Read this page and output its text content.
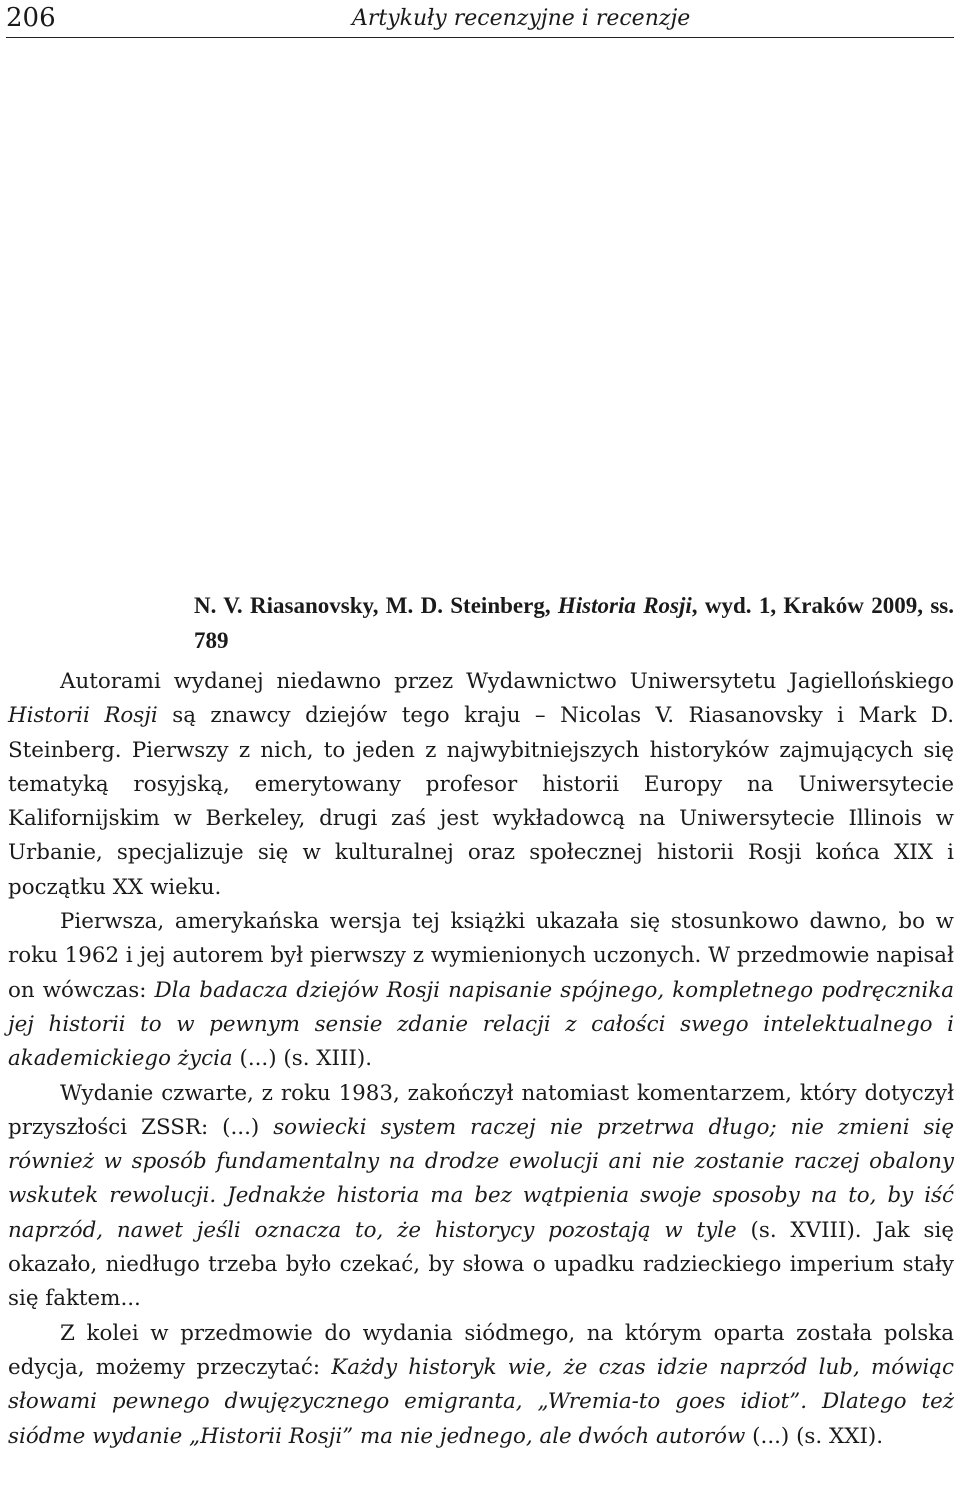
206	Artykuły recenzyjne i recenzje
N. V. Riasanovsky, M. D. Steinberg, Historia Rosji, wyd. 1, Kraków 2009, ss. 789

Autorami wydanej niedawno przez Wydawnictwo Uniwersytetu Jagiellońskiego Historii Rosji są znawcy dziejów tego kraju – Nicolas V. Riasanovsky i Mark D. Steinberg. Pierwszy z nich, to jeden z najwybitniejszych historyków zajmujących się tematyką rosyjską, emerytowany profesor historii Europy na Uniwersytecie Kalifornijskim w Berkeley, drugi zaś jest wykładowcą na Uniwersytecie Illinois w Urbanie, specjalizuje się w kulturalnej oraz społecznej historii Rosji końca XIX i początku XX wieku.

Pierwsza, amerykańska wersja tej książki ukazała się stosunkowo dawno, bo w roku 1962 i jej autorem był pierwszy z wymienionych uczonych. W przedmowie napisał on wówczas: Dla badacza dziejów Rosji napisanie spójnego, kompletnego podręcznika jej historii to w pewnym sensie zdanie relacji z całości swego intelektualnego i akademickiego życia (...) (s. XIII).

Wydanie czwarte, z roku 1983, zakończył natomiast komentarzem, który dotyczył przyszłości ZSSR: (...) sowiecki system raczej nie przetrwa długo; nie zmieni się również w sposób fundamentalny na drodze ewolucji ani nie zostanie raczej obalony wskutek rewolucji. Jednakże historia ma bez wątpienia swoje sposoby na to, by iść naprzód, nawet jeśli oznacza to, że historycy pozostają w tyle (s. XVIII). Jak się okazało, niedługo trzeba było czekać, by słowa o upadku radzieckiego imperium stały się faktem...

Z kolei w przedmowie do wydania siódmego, na którym oparta została polska edycja, możemy przeczytać: Każdy historyk wie, że czas idzie naprzód lub, mówiąc słowami pewnego dwujęzycznego emigranta, „Wremia-to goes idiot”. Dlatego też siódme wydanie „Historii Rosji” ma nie jednego, ale dwóch autorów (...) (s. XXI).
